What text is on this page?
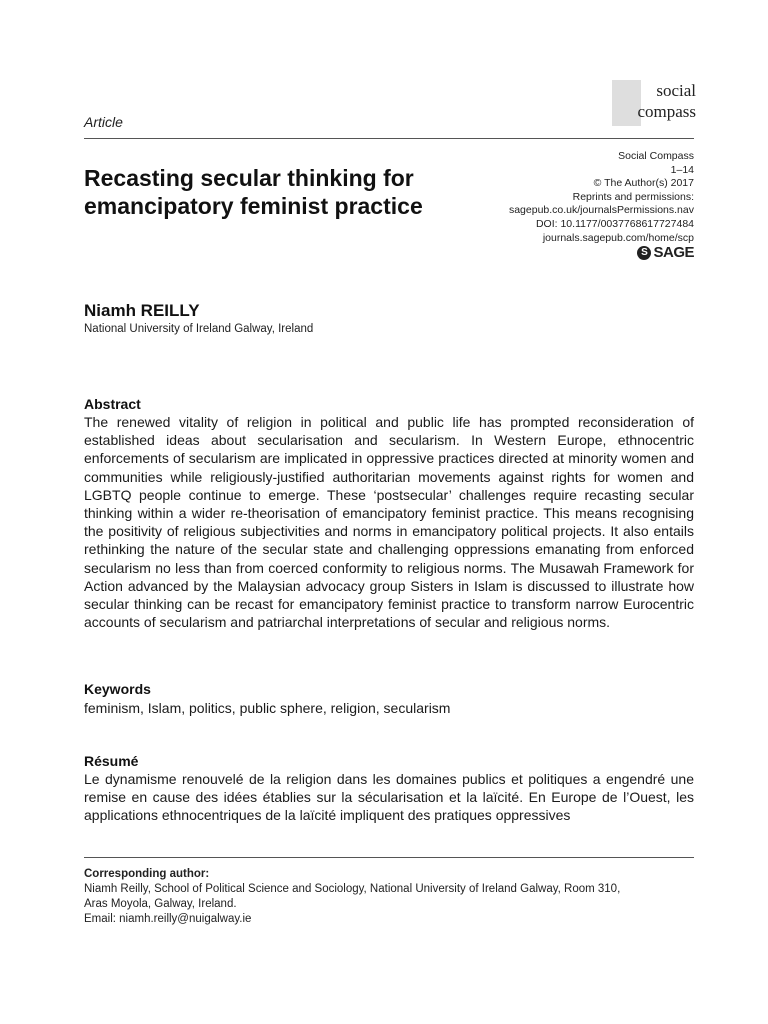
social
compass
Article
Recasting secular thinking for emancipatory feminist practice
Social Compass
1–14
© The Author(s) 2017
Reprints and permissions:
sagepub.co.uk/journalsPermissions.nav
DOI: 10.1177/0037768617727484
journals.sagepub.com/home/scp
S SAGE
Niamh REILLY
National University of Ireland Galway, Ireland
Abstract
The renewed vitality of religion in political and public life has prompted reconsideration of established ideas about secularisation and secularism. In Western Europe, ethnocentric enforcements of secularism are implicated in oppressive practices directed at minority women and communities while religiously-justified authoritarian movements against rights for women and LGBTQ people continue to emerge. These ‘postsecular’ challenges require recasting secular thinking within a wider re-theorisation of emancipatory feminist practice. This means recognising the positivity of religious subjectivities and norms in emancipatory political projects. It also entails rethinking the nature of the secular state and challenging oppressions emanating from enforced secularism no less than from coerced conformity to religious norms. The Musawah Framework for Action advanced by the Malaysian advocacy group Sisters in Islam is discussed to illustrate how secular thinking can be recast for emancipatory feminist practice to transform narrow Eurocentric accounts of secularism and patriarchal interpretations of secular and religious norms.
Keywords
feminism, Islam, politics, public sphere, religion, secularism
Résumé
Le dynamisme renouvelé de la religion dans les domaines publics et politiques a engendré une remise en cause des idées établies sur la sécularisation et la laïcité. En Europe de l’Ouest, les applications ethnocentriques de la laïcité impliquent des pratiques oppressives
Corresponding author:
Niamh Reilly, School of Political Science and Sociology, National University of Ireland Galway, Room 310,
Aras Moyola, Galway, Ireland.
Email: niamh.reilly@nuigalway.ie
